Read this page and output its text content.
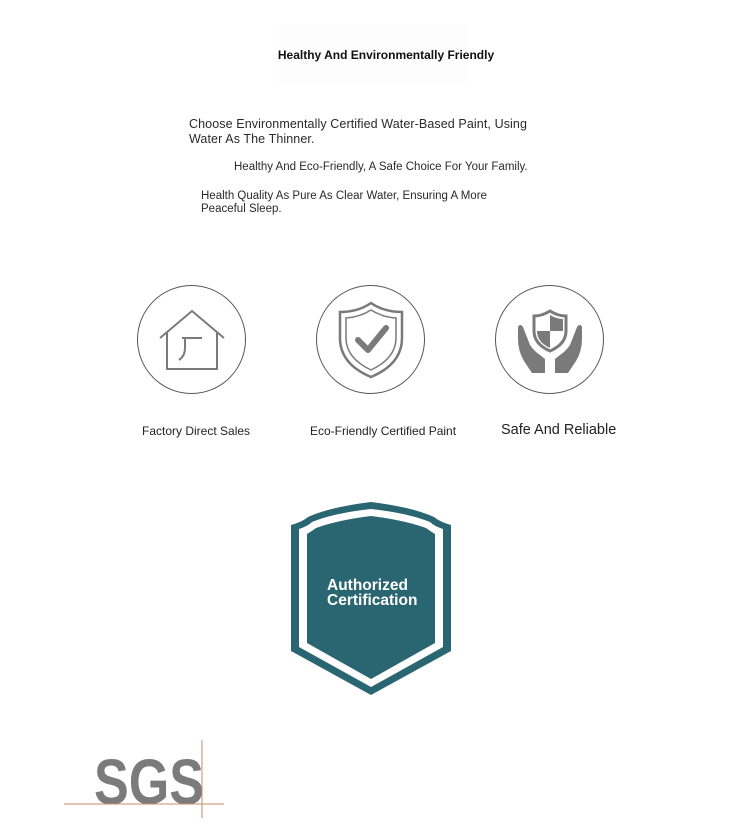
Healthy And Environmentally Friendly
Choose Environmentally Certified Water-Based Paint, Using Water As The Thinner.
Healthy And Eco-Friendly, A Safe Choice For Your Family.
Health Quality As Pure As Clear Water, Ensuring A More Peaceful Sleep.
Factory Direct Sales	Eco-Friendly Certified Paint	Safe And Reliable
Authorized
Certification
SGS
